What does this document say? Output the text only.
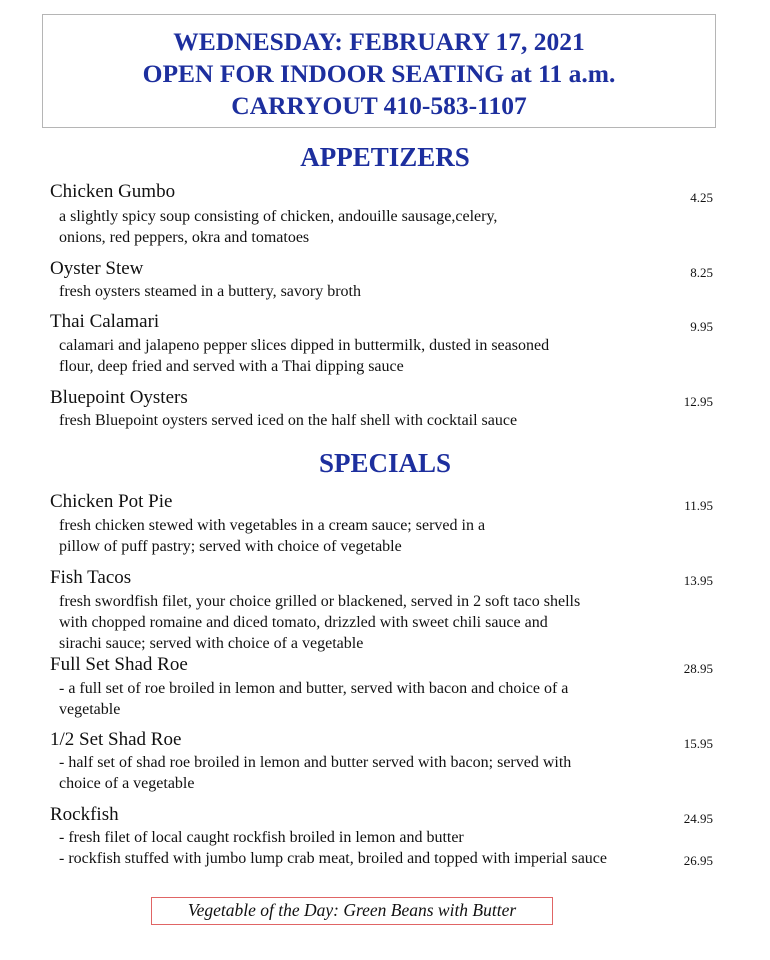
WEDNESDAY: FEBRUARY 17, 2021
OPEN FOR INDOOR SEATING at 11 a.m.
CARRYOUT 410-583-1107
APPETIZERS
Chicken Gumbo	4.25
a slightly spicy soup consisting of chicken, andouille sausage,celery,
onions, red peppers, okra and tomatoes
Oyster Stew	8.25
fresh oysters steamed in a buttery, savory broth
Thai Calamari	9.95
calamari and jalapeno pepper slices dipped in buttermilk, dusted in seasoned
flour, deep fried and served with a Thai dipping sauce
Bluepoint Oysters	12.95
fresh Bluepoint oysters served iced on the half shell with cocktail sauce
SPECIALS
Chicken Pot Pie	11.95
fresh chicken stewed with vegetables in a cream sauce; served in a
pillow of puff pastry; served with choice of vegetable
Fish Tacos	13.95
fresh swordfish filet, your choice grilled or blackened, served in 2 soft taco shells
with chopped romaine and diced tomato, drizzled with sweet chili sauce and
sirachi sauce; served with choice of a vegetable
Full Set Shad Roe	28.95
- a full set of roe broiled in lemon and butter, served with bacon and choice of a
vegetable
1/2 Set Shad Roe	15.95
- half set of shad roe broiled in lemon and butter served with bacon; served with
choice of a vegetable
Rockfish	24.95
- fresh filet of local caught rockfish broiled in lemon and butter
- rockfish stuffed with jumbo lump crab meat, broiled and topped with imperial sauce	26.95
Vegetable of the Day: Green Beans with Butter
